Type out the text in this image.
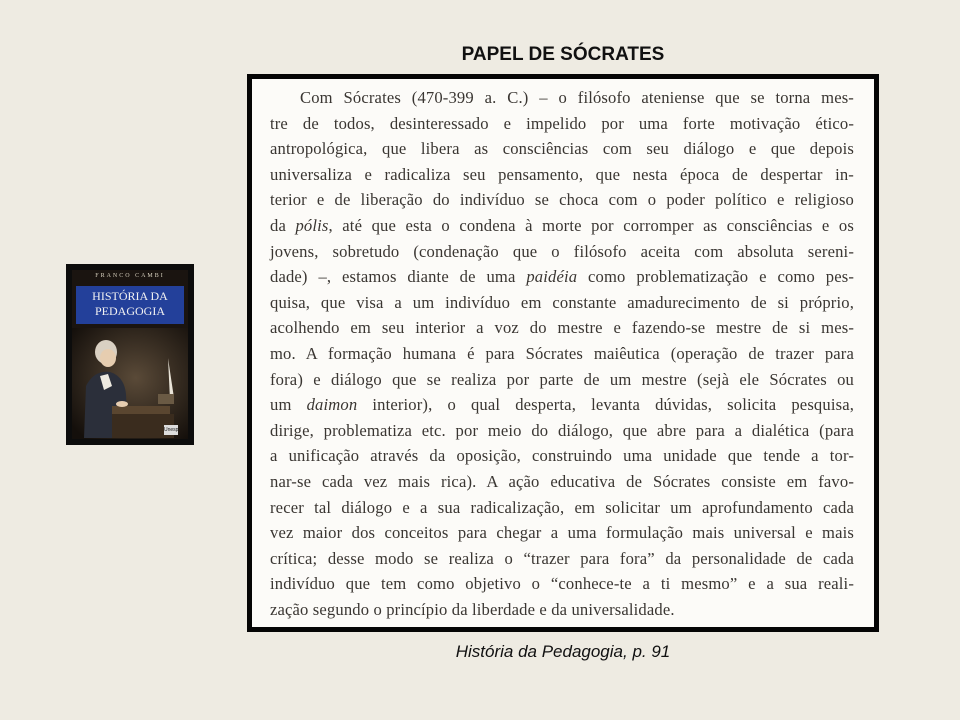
PAPEL DE SÓCRATES
FRANCO CAMBI
HISTÓRIA DA
PEDAGOGIA
Unesp
Com Sócrates (470-399 a. C.) – o filósofo ateniense que se torna mes-
tre de todos, desinteressado e impelido por uma forte motivação ético-
antropológica, que libera as consciências com seu diálogo e que depois
universaliza e radicaliza seu pensamento, que nesta época de despertar in-
terior e de liberação do indivíduo se choca com o poder político e religioso
da pólis, até que esta o condena à morte por corromper as consciências e os
jovens, sobretudo (condenação que o filósofo aceita com absoluta sereni-
dade) –, estamos diante de uma paidéia como problematização e como pes-
quisa, que visa a um indivíduo em constante amadurecimento de si próprio,
acolhendo em seu interior a voz do mestre e fazendo-se mestre de si mes-
mo. A formação humana é para Sócrates maiêutica (operação de trazer para
fora) e diálogo que se realiza por parte de um mestre (sejà ele Sócrates ou
um daimon interior), o qual desperta, levanta dúvidas, solicita pesquisa,
dirige, problematiza etc. por meio do diálogo, que abre para a dialética (para
a unificação através da oposição, construindo uma unidade que tende a tor-
nar-se cada vez mais rica). A ação educativa de Sócrates consiste em favo-
recer tal diálogo e a sua radicalização, em solicitar um aprofundamento cada
vez maior dos conceitos para chegar a uma formulação mais universal e mais
crítica; desse modo se realiza o “trazer para fora” da personalidade de cada
indivíduo que tem como objetivo o “conhece-te a ti mesmo” e a sua reali-
zação segundo o princípio da liberdade e da universalidade.
História da Pedagogia, p. 91
